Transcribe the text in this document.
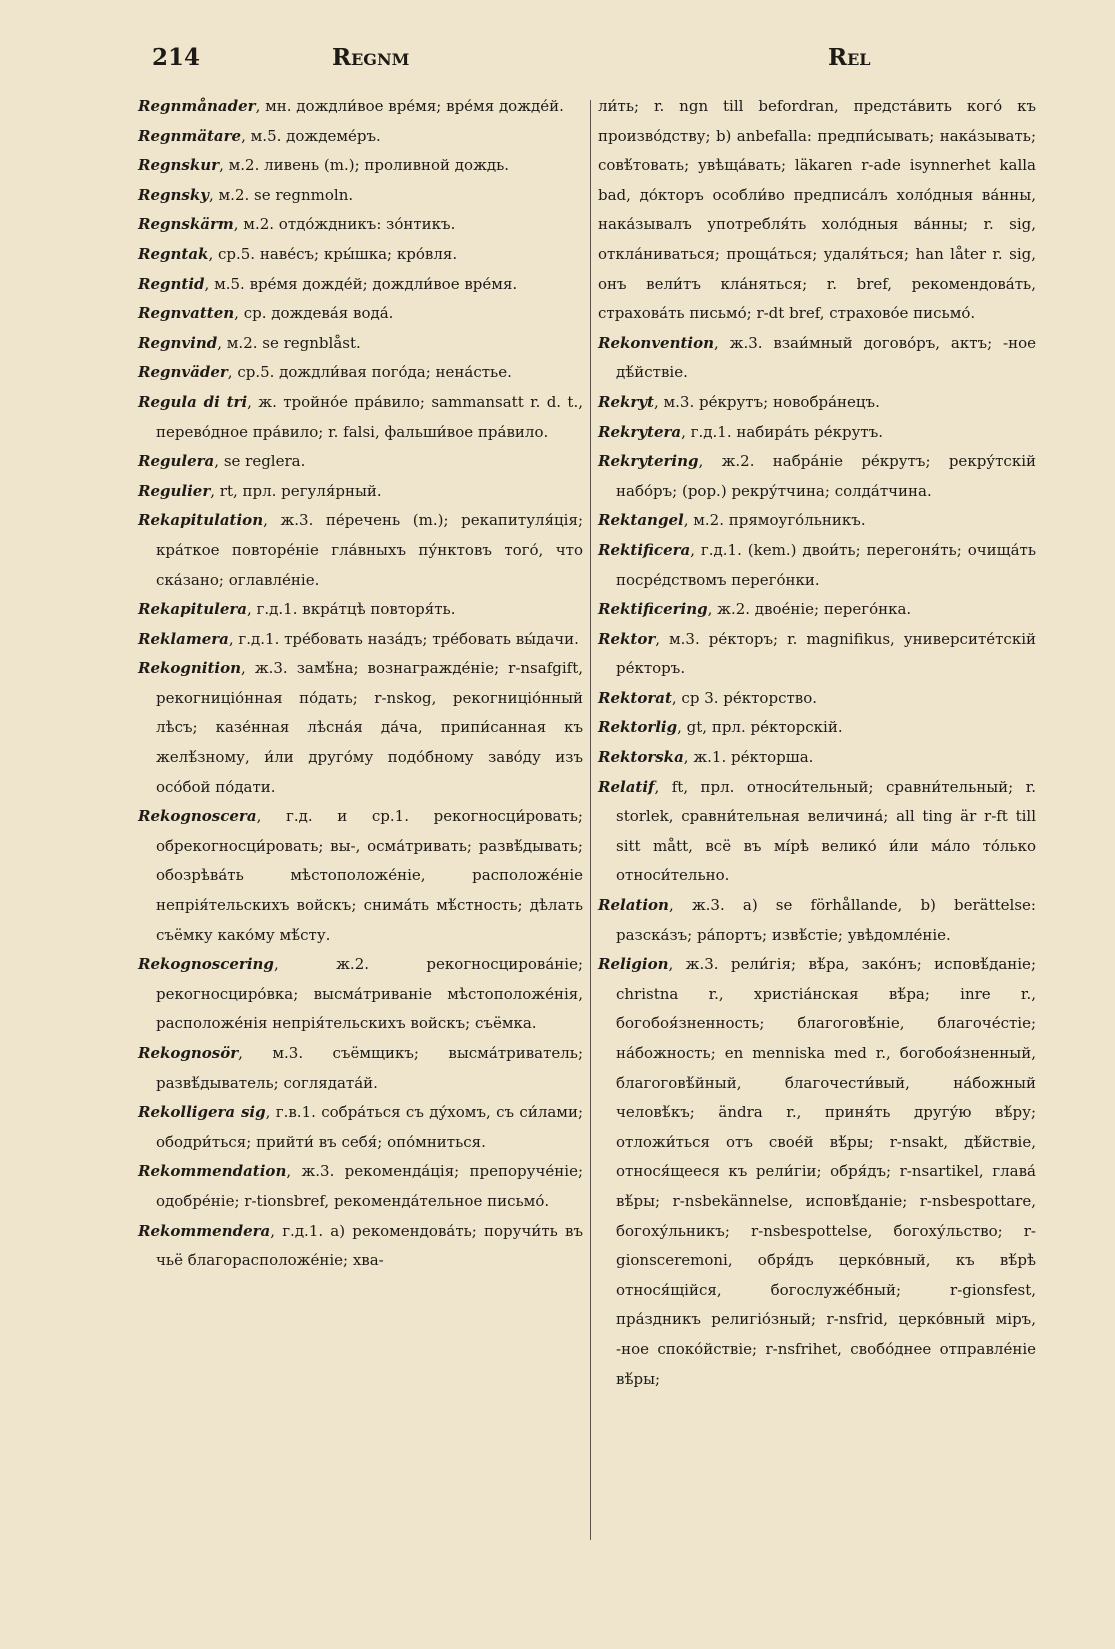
214	Regnm	Rel

Regnmånader, мн. дождли́вое вре́мя; вре́мя дожде́й.

Regnmätare, м.5. дождеме́ръ.

Regnskur, м.2. ливень (m.); проливной дождь.

Regnsky, м.2. se regnmoln.

Regnskärm, м.2. отдо́ждникъ: зо́нтикъ.

Regntak, ср.5. наве́съ; кры́шка; кро́вля.

Regntid, м.5. вре́мя дожде́й; дождли́вое вре́мя.

Regnvatten, ср. дождева́я вода́.

Regnvind, м.2. se regnblåst.

Regnväder, ср.5. дождли́вая пого́да; нена́стье.

Regula di tri, ж. тройно́е пра́вило; sammansatt r. d. t., перево́дное пра́вило; r. falsi, фальши́вое пра́вило.

Regulera, se reglera.

Regulier, rt, прл. регуля́рный.

Rekapitulation, ж.3. пе́речень (m.); рекапитуля́ція; кра́ткое повторе́ніе гла́вныхъ пу́нктовъ того́, что ска́зано; оглавле́ніе.

Rekapitulera, г.д.1. вкра́тцѣ повторя́ть.

Reklamera, г.д.1. тре́бовать наза́дъ; тре́бовать вы́дачи.

Rekognition, ж.3. замѣ́на; вознагражде́ніе; r-nsafgift, рекогниціо́нная по́дать; r-nskog, рекогниціо́нный лѣсъ; казе́нная лѣсна́я да́ча, припи́санная къ желѣ́зному, и́ли друго́му подо́бному заво́ду изъ осо́бой по́дати.

Rekognoscera, г.д. и ср.1. рекогносци́ровать; обрекогносци́ровать; вы-, осма́тривать; развѣ́дывать; обозрѣва́ть мѣстоположе́ніе, расположе́ніе непрія́тельскихъ войскъ; снима́ть мѣ́стность; дѣлать съёмку како́му мѣ́сту.

Rekognoscering, ж.2. рекогносцирова́ніе; рекогносциро́вка; высма́триваніе мѣстоположе́нія, расположе́нія непрія́тельскихъ войскъ; съёмка.

Rekognosör, м.3. съёмщикъ; высма́триватель; развѣ́дыватель; соглядата́й.

Rekolligera sig, г.в.1. собра́ться съ ду́хомъ, съ си́лами; ободри́ться; прийти́ въ себя́; опо́мниться.

Rekommendation, ж.3. рекоменда́ція; препоруче́ніе; одобре́ніе; r-tionsbref, рекоменда́тельное письмо́.

Rekommendera, г.д.1. a) рекомендова́ть; поручи́ть въ чьё благорасположе́ніе; хва-

ли́ть; r. ngn till befordran, предста́вить кого́ къ произво́дству; b) anbefalla: предпи́сывать; нака́зывать; совѣ́товать; увѣща́вать; läkaren r-ade isynnerhet kalla bad, до́кторъ особли́во предписа́лъ холо́дныя ва́нны, нака́зывалъ употребля́ть холо́дныя ва́нны; r. sig, откла́ниваться; проща́ться; удаля́ться; han låter r. sig, онъ вели́тъ кла́няться; r. bref, рекомендова́ть, страхова́ть письмо́; r-dt bref, страхово́е письмо́.

Rekonvention, ж.3. взаи́мный догово́ръ, актъ; -ное дѣ́йствіе.

Rekryt, м.3. ре́крутъ; новобра́нецъ.

Rekrytera, г.д.1. набира́ть ре́крутъ.

Rekrytering, ж.2. набра́ніе ре́крутъ; рекру́тскій набо́ръ; (pop.) рекру́тчина; солда́тчина.

Rektangel, м.2. прямоуго́льникъ.

Rektificera, г.д.1. (kem.) двои́ть; перегоня́ть; очища́ть посре́дствомъ перего́нки.

Rektificering, ж.2. двое́ніе; перего́нка.

Rektor, м.3. ре́кторъ; r. magnifikus, университе́тскій ре́кторъ.

Rektorat, ср 3. ре́кторство.

Rektorlig, gt, прл. ре́кторскій.

Rektorska, ж.1. ре́кторша.

Relatif, ft, прл. относи́тельный; сравни́тельный; r. storlek, сравни́тельная величина́; all ting är r-ft till sitt mått, всё въ мі́рѣ велико́ и́ли ма́ло то́лько относи́тельно.

Relation, ж.3. a) se förhållande, b) berättelse: разска́зъ; ра́портъ; извѣ́стіе; увѣдомле́ніе.

Religion, ж.3. рели́гія; вѣ́ра, зако́нъ; исповѣ́даніе; christna r., христіа́нская вѣ́ра; inre r., богобоя́зненность; благоговѣ́ніе, благоче́стіе; на́божность; en menniska med r., богобоя́зненный, благоговѣ́йный, благочести́вый, на́божный человѣ́къ; ändra r., приня́ть другу́ю вѣ́ру; отложи́ться отъ свое́й вѣ́ры; r-nsakt, дѣ́йствіе, относя́щееся къ рели́гіи; обря́дъ; r-nsartikel, глава́ вѣ́ры; r-nsbekännelse, исповѣ́даніе; r-nsbespottare, богоху́льникъ; r-nsbespottelse, богоху́льство; r-gionsceremoni, обря́дъ церко́вный, къ вѣ́рѣ относя́щійся, богослуже́бный; r-gionsfest, пра́здникъ религіо́зный; r-nsfrid, церко́вный міръ, -ное споко́йствіе; r-nsfrihet, свобо́днее отправле́ніе вѣ́ры;
